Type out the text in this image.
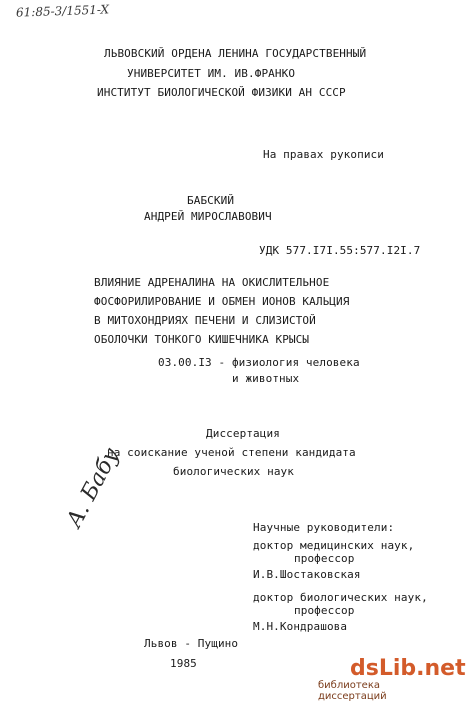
61:85-3/1551-X
ЛЬВОВСКИЙ ОРДЕНА ЛЕНИНА ГОСУДАРСТВЕННЫЙ
УНИВЕРСИТЕТ ИМ. ИВ.ФРАНКО
ИНСТИТУТ БИОЛОГИЧЕСКОЙ ФИЗИКИ АН СССР
На правах рукописи
БАБСКИЙ
АНДРЕЙ МИРОСЛАВОВИЧ
УДК 577.I7I.55:577.I2I.7
ВЛИЯНИЕ АДРЕНАЛИНА НА ОКИСЛИТЕЛЬНОЕ
ФОСФОРИЛИРОВАНИЕ И ОБМЕН ИОНОВ КАЛЬЦИЯ
В МИТОХОНДРИЯХ ПЕЧЕНИ И СЛИЗИСТОЙ
ОБОЛОЧКИ ТОНКОГО КИШЕЧНИКА КРЫСЫ
03.00.I3 - физиология человека
и животных
Диссертация
на соискание ученой степени кандидата
биологических наук
Научные руководители:
доктор медицинских наук,
профессор
И.В.Шостаковская
доктор биологических наук,
профессор
М.Н.Кондрашова
А. Бабу
Львов - Пущино
1985	dsLib.net
библиотека диссертаций
